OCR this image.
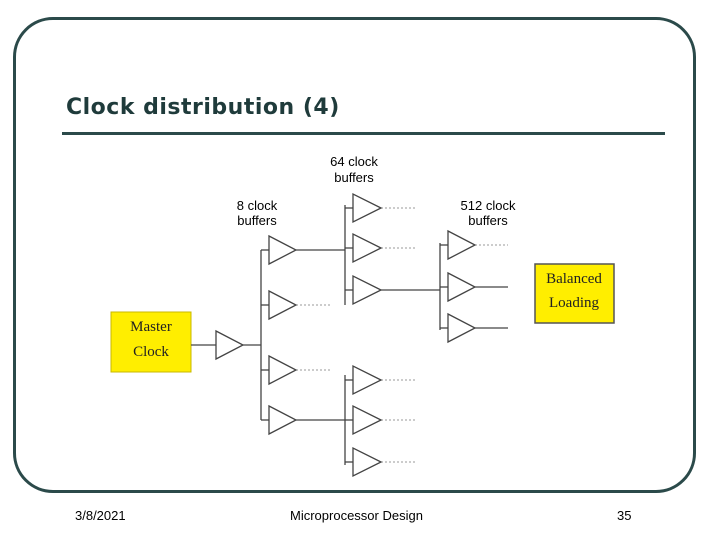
Clock distribution (4)
64 clock
buffers
8 clock
buffers
512 clock
buffers
Master
Clock
Balanced
Loading
3/8/2021	Microprocessor Design	35
